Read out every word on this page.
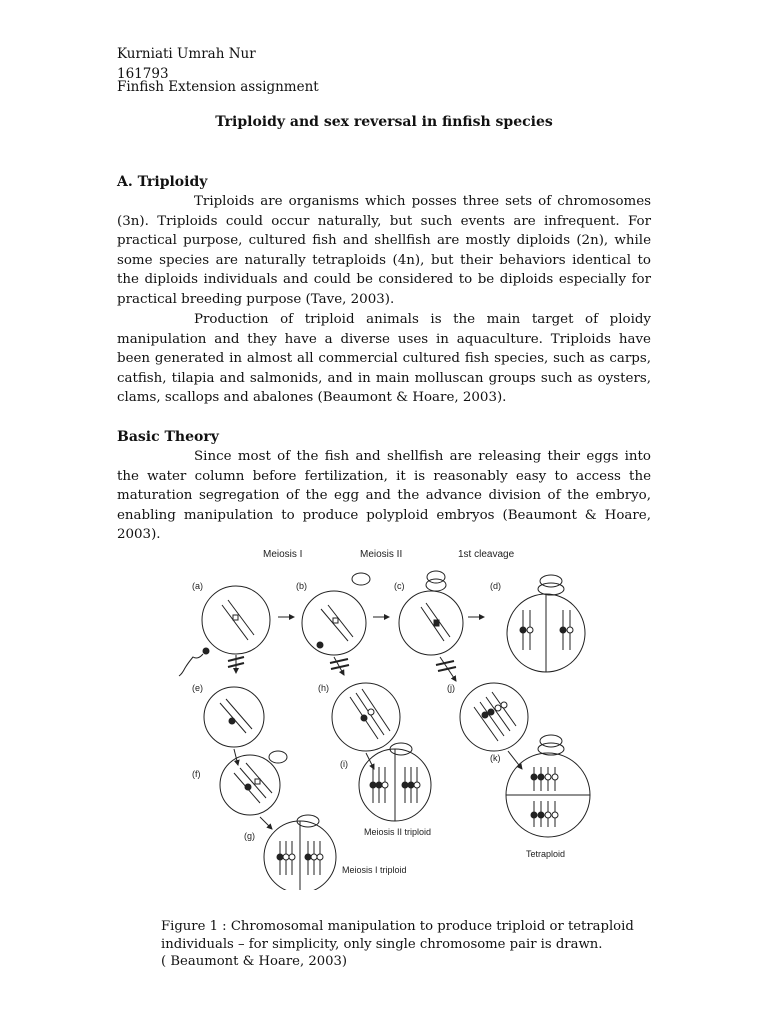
Kurniati Umrah Nur
161793
Finfish Extension assignment
Triploidy and sex reversal in finfish species
A. Triploidy

Triploids are organisms which posses three sets of chromosomes (3n). Triploids could occur naturally, but such events are infrequent. For practical purpose, cultured fish and shellfish are mostly diploids (2n), while some species are naturally tetraploids (4n), but their behaviors identical to the diploids individuals and could be considered to be diploids especially for practical breeding purpose (Tave, 2003).

Production of triploid animals is the main target of ploidy manipulation and they have a diverse uses in aquaculture. Triploids have been generated in almost all commercial cultured fish species, such as carps, catfish, tilapia and salmonids, and in main molluscan groups such as oysters, clams, scallops and abalones (Beaumont & Hoare, 2003).

Basic Theory

Since most of the fish and shellfish are releasing their eggs into the water column before fertilization, it is reasonably easy to access the maturation segregation of the egg and the advance division of the embryo, enabling manipulation to produce polyploid embryos (Beaumont & Hoare, 2003).

Meiosis I	Meiosis II	1st cleavage
(a)	(b)	(c)	(d)
(e)	(h)	(j)
(f)
(i)
Meiosis II triploid
(k)
Tetraploid
(g)
Meiosis I triploid

Figure 1 : Chromosomal manipulation to produce triploid or tetraploid
individuals – for simplicity, only single chromosome pair is drawn.
( Beaumont & Hoare, 2003)
